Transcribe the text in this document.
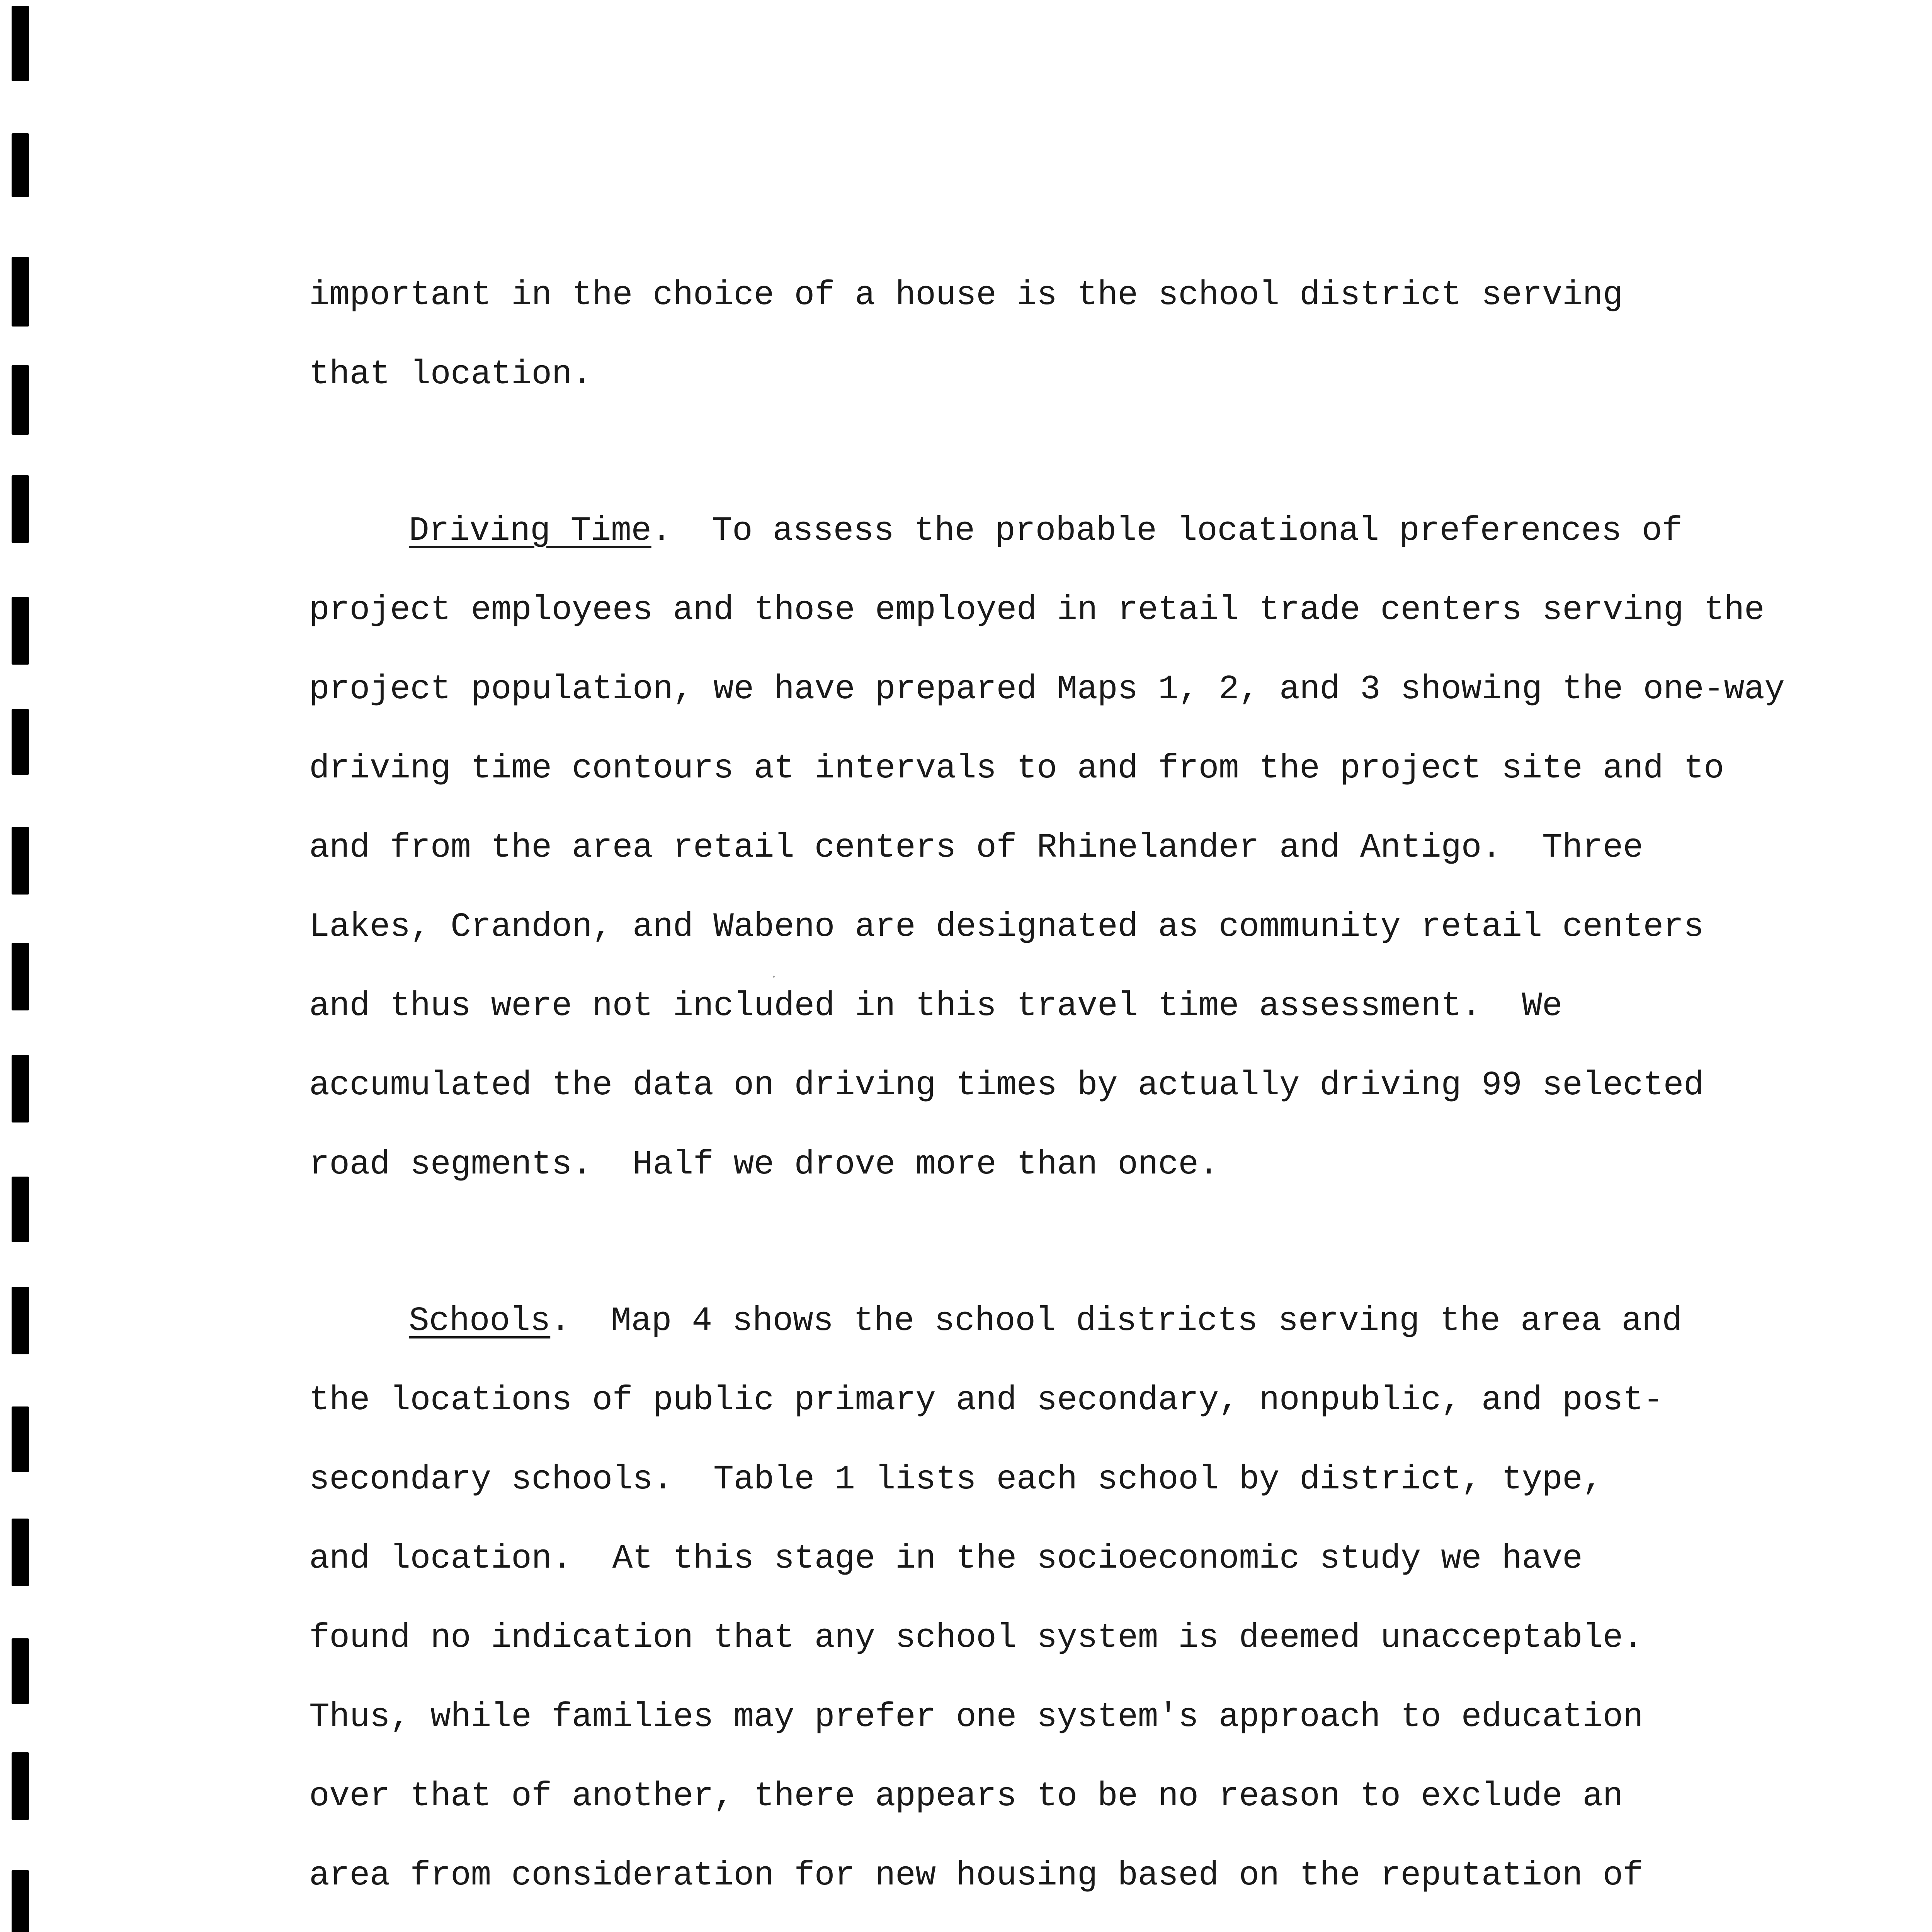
important in the choice of a house is the school district serving
that location.
Driving Time.  To assess the probable locational preferences of
project employees and those employed in retail trade centers serving the
project population, we have prepared Maps 1, 2, and 3 showing the one-way
driving time contours at intervals to and from the project site and to
and from the area retail centers of Rhinelander and Antigo.  Three
Lakes, Crandon, and Wabeno are designated as community retail centers
and thus were not included in this travel time assessment.  We
accumulated the data on driving times by actually driving 99 selected
road segments.  Half we drove more than once.
Schools.  Map 4 shows the school districts serving the area and
the locations of public primary and secondary, nonpublic, and post-
secondary schools.  Table 1 lists each school by district, type,
and location.  At this stage in the socioeconomic study we have
found no indication that any school system is deemed unacceptable.
Thus, while families may prefer one system's approach to education
over that of another, there appears to be no reason to exclude an
area from consideration for new housing based on the reputation of
